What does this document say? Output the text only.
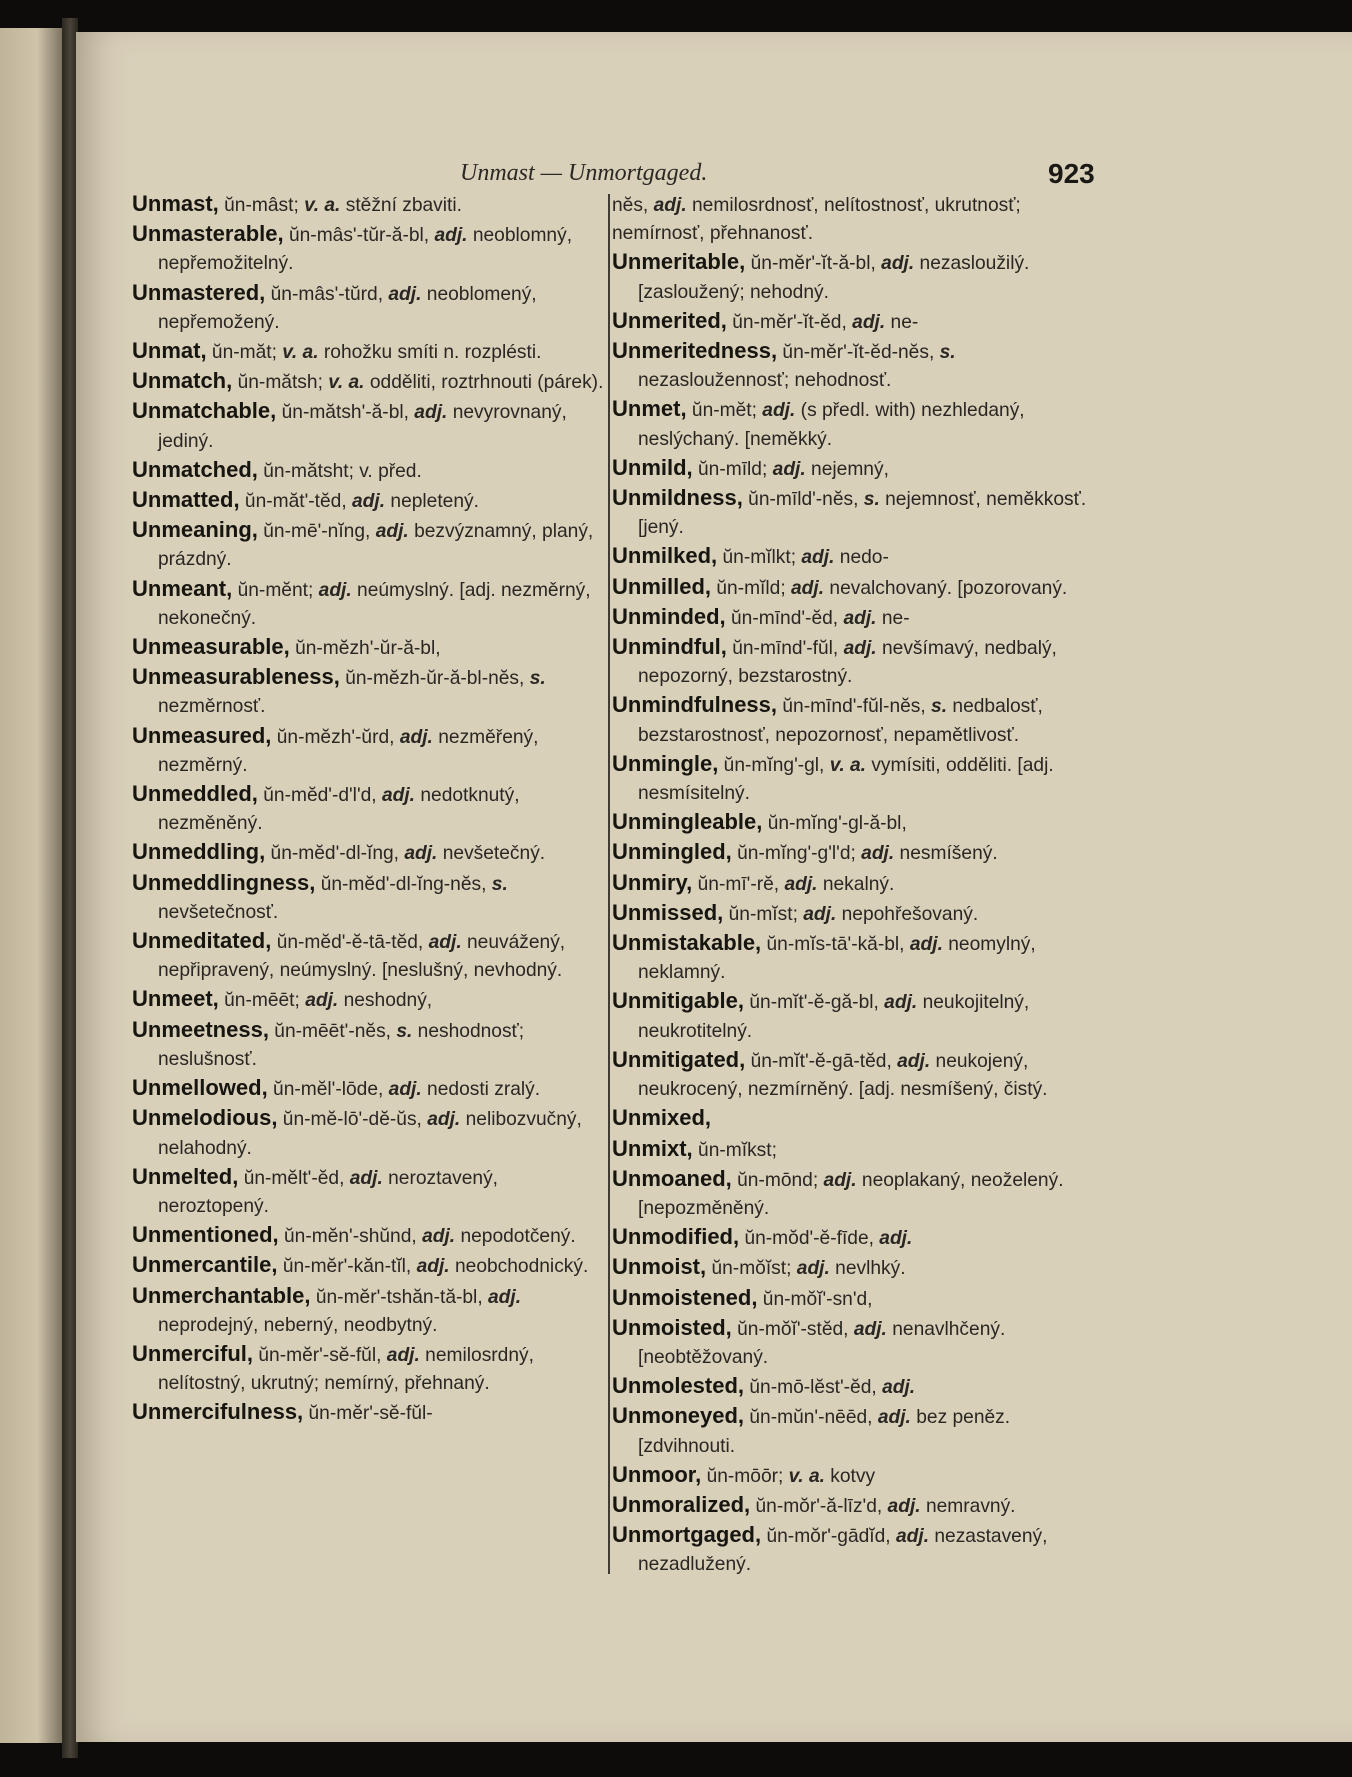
Unmast — Unmortgaged.	923

Unmast, ŭn-mâst; v. a. stěžní zbaviti.

Unmasterable, ŭn-mâs'-tŭr-ă-bl, adj. neoblomný, nepřemožitelný.

Unmastered, ŭn-mâs'-tŭrd, adj. neoblomený, nepřemožený.

Unmat, ŭn-măt; v. a. rohožku smíti n. rozplésti.

Unmatch, ŭn-mătsh; v. a. odděliti, roztrhnouti (párek).

Unmatchable, ŭn-mătsh'-ă-bl, adj. nevyrovnaný, jediný.

Unmatched, ŭn-mătsht; v. před.

Unmatted, ŭn-măt'-tĕd, adj. nepletený.

Unmeaning, ŭn-mē'-nĭng, adj. bezvýznamný, planý, prázdný.

Unmeant, ŭn-mĕnt; adj. neúmyslný. [adj. nezměrný, nekonečný.

Unmeasurable, ŭn-mĕzh'-ŭr-ă-bl,

Unmeasurableness, ŭn-mĕzh-ŭr-ă-bl-nĕs, s. nezměrnosť.

Unmeasured, ŭn-mĕzh'-ŭrd, adj. nezměřený, nezměrný.

Unmeddled, ŭn-mĕd'-d'l'd, adj. nedotknutý, nezměněný.

Unmeddling, ŭn-mĕd'-dl-ĭng, adj. nevšetečný.

Unmeddlingness, ŭn-mĕd'-dl-ĭng-nĕs, s. nevšetečnosť.

Unmeditated, ŭn-mĕd'-ĕ-tā-tĕd, adj. neuvážený, nepřipravený, neúmyslný. [neslušný, nevhodný.

Unmeet, ŭn-mēēt; adj. neshodný,

Unmeetness, ŭn-mēēt'-nĕs, s. neshodnosť; neslušnosť.

Unmellowed, ŭn-mĕl'-lōde, adj. nedosti zralý.

Unmelodious, ŭn-mĕ-lō'-dĕ-ŭs, adj. nelibozvučný, nelahodný.

Unmelted, ŭn-mĕlt'-ĕd, adj. neroztavený, neroztopený.

Unmentioned, ŭn-mĕn'-shŭnd, adj. nepodotčený.

Unmercantile, ŭn-mĕr'-kăn-tĭl, adj. neobchodnický.

Unmerchantable, ŭn-mĕr'-tshăn-tă-bl, adj. neprodejný, neberný, neodbytný.

Unmerciful, ŭn-mĕr'-sĕ-fŭl, adj. nemilosrdný, nelítostný, ukrutný; nemírný, přehnaný.

Unmercifulness, ŭn-mĕr'-sĕ-fŭl-

nĕs, adj. nemilosrdnosť, nelítostnosť, ukrutnosť; nemírnosť, přehnanosť.

Unmeritable, ŭn-mĕr'-ĭt-ă-bl, adj. nezasloužilý. [zasloužený; nehodný.

Unmerited, ŭn-mĕr'-ĭt-ĕd, adj. ne-

Unmeritedness, ŭn-mĕr'-ĭt-ĕd-nĕs, s. nezasloužennosť; nehodnosť.

Unmet, ŭn-mĕt; adj. (s předl. with) nezhledaný, neslýchaný. [neměkký.

Unmild, ŭn-mīld; adj. nejemný,

Unmildness, ŭn-mīld'-nĕs, s. nejemnosť, neměkkosť. [jený.

Unmilked, ŭn-mĭlkt; adj. nedo-

Unmilled, ŭn-mĭld; adj. nevalchovaný. [pozorovaný.

Unminded, ŭn-mīnd'-ĕd, adj. ne-

Unmindful, ŭn-mīnd'-fŭl, adj. nevšímavý, nedbalý, nepozorný, bezstarostný.

Unmindfulness, ŭn-mīnd'-fŭl-nĕs, s. nedbalosť, bezstarostnosť, nepozornosť, nepamětlivosť.

Unmingle, ŭn-mĭng'-gl, v. a. vymísiti, odděliti. [adj. nesmísitelný.

Unmingleable, ŭn-mĭng'-gl-ă-bl,

Unmingled, ŭn-mĭng'-g'l'd; adj. nesmíšený.

Unmiry, ŭn-mī'-rĕ, adj. nekalný.

Unmissed, ŭn-mĭst; adj. nepohřešovaný.

Unmistakable, ŭn-mĭs-tā'-kă-bl, adj. neomylný, neklamný.

Unmitigable, ŭn-mĭt'-ĕ-gă-bl, adj. neukojitelný, neukrotitelný.

Unmitigated, ŭn-mĭt'-ĕ-gā-tĕd, adj. neukojený, neukrocený, nezmírněný. [adj. nesmíšený, čistý.

Unmixed,

Unmixt, ŭn-mĭkst;

Unmoaned, ŭn-mōnd; adj. neoplakaný, neoželený. [nepozměněný.

Unmodified, ŭn-mŏd'-ĕ-fīde, adj.

Unmoist, ŭn-mŏĭst; adj. nevlhký.

Unmoistened, ŭn-mŏĭ'-sn'd,

Unmoisted, ŭn-mŏĭ'-stĕd, adj. nenavlhčený. [neobtěžovaný.

Unmolested, ŭn-mō-lĕst'-ĕd, adj.

Unmoneyed, ŭn-mŭn'-nēēd, adj. bez peněz. [zdvihnouti.

Unmoor, ŭn-mōōr; v. a. kotvy

Unmoralized, ŭn-mŏr'-ă-līz'd, adj. nemravný.

Unmortgaged, ŭn-mŏr'-gādĭd, adj. nezastavený, nezadlužený.
